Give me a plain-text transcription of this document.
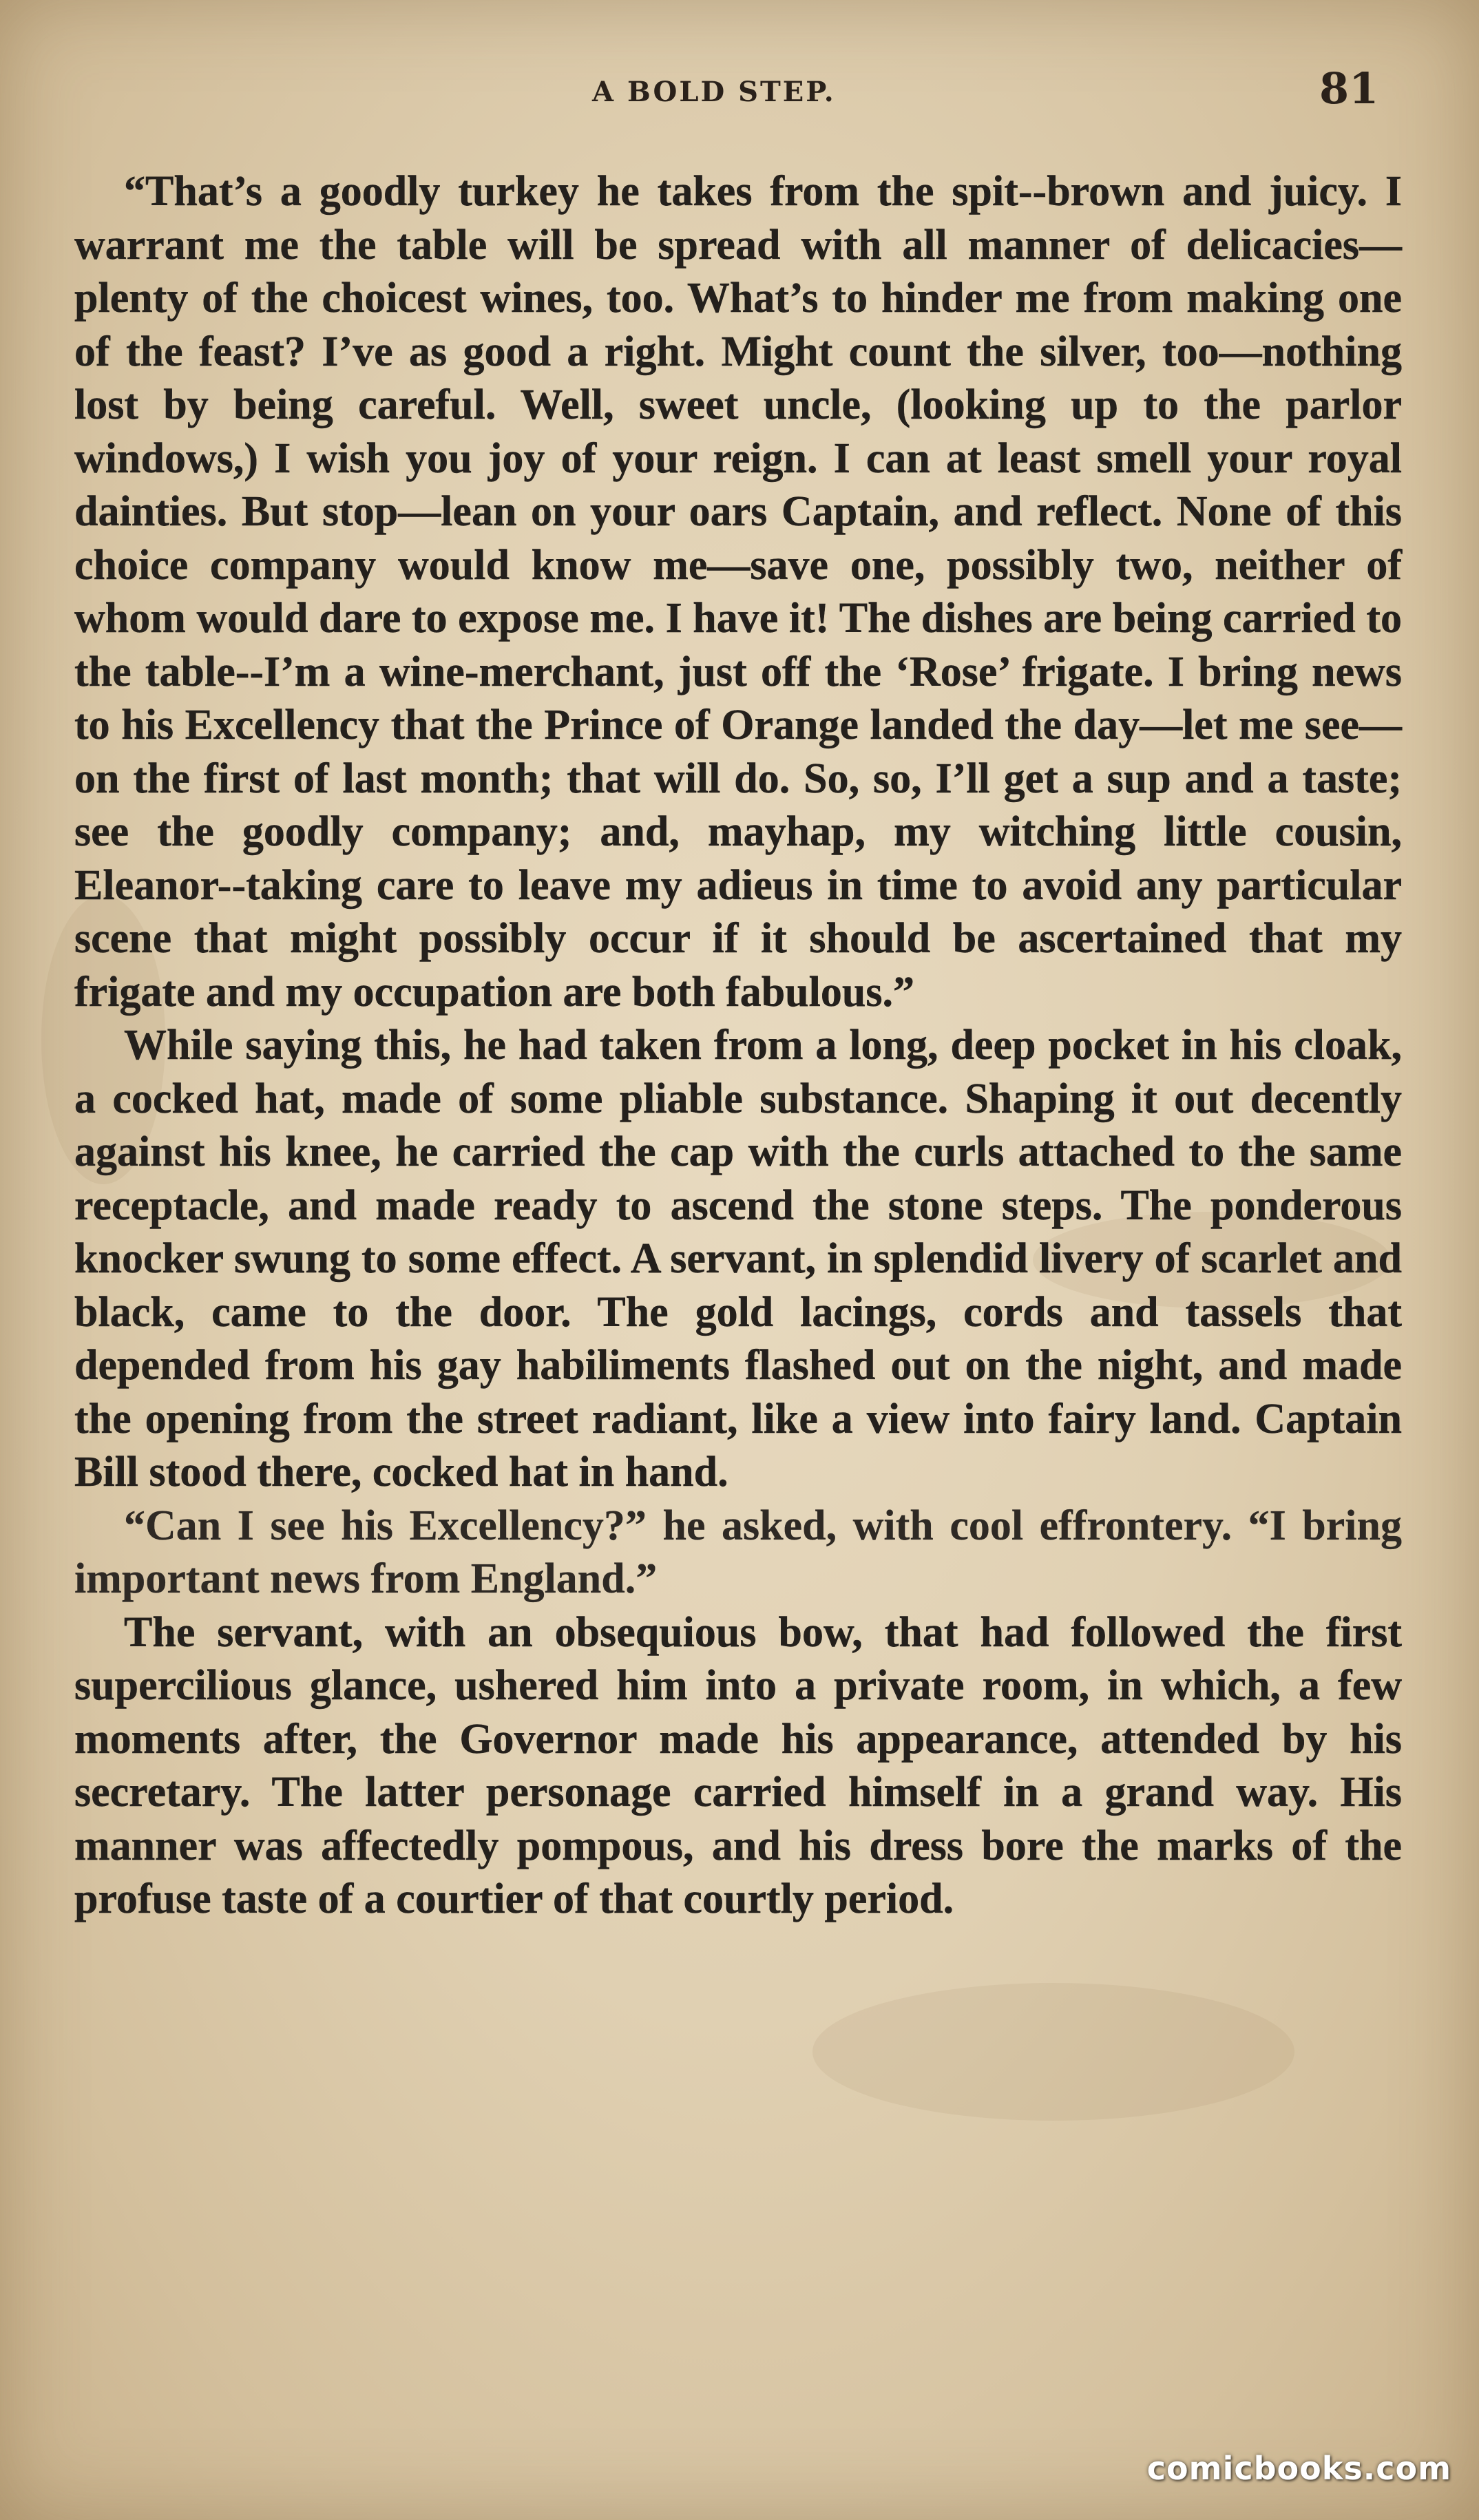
A BOLD STEP.	81

“That’s a goodly turkey he takes from the spit--brown and juicy. I warrant me the table will be spread with all manner of delicacies—plenty of the choicest wines, too. What’s to hinder me from making one of the feast? I’ve as good a right. Might count the silver, too—nothing lost by being careful. Well, sweet uncle, (looking up to the parlor windows,) I wish you joy of your reign. I can at least smell your royal dainties. But stop—lean on your oars Captain, and reflect. None of this choice company would know me—save one, possibly two, neither of whom would dare to expose me. I have it! The dishes are being carried to the table--I’m a wine-merchant, just off the ‘Rose’ frigate. I bring news to his Excellency that the Prince of Orange landed the day—let me see—on the first of last month; that will do. So, so, I’ll get a sup and a taste; see the goodly company; and, mayhap, my witching little cousin, Eleanor--taking care to leave my adieus in time to avoid any particular scene that might possibly occur if it should be ascertained that my frigate and my occupation are both fabulous.”

While saying this, he had taken from a long, deep pocket in his cloak, a cocked hat, made of some pliable substance. Shaping it out decently against his knee, he carried the cap with the curls attached to the same receptacle, and made ready to ascend the stone steps. The ponderous knocker swung to some effect. A servant, in splendid livery of scarlet and black, came to the door. The gold lacings, cords and tassels that depended from his gay habiliments flashed out on the night, and made the opening from the street radiant, like a view into fairy land. Captain Bill stood there, cocked hat in hand.

“Can I see his Excellency?” he asked, with cool effrontery. “I bring important news from England.”

The servant, with an obsequious bow, that had followed the first supercilious glance, ushered him into a private room, in which, a few moments after, the Governor made his appearance, attended by his secretary. The latter personage carried himself in a grand way. His manner was affectedly pompous, and his dress bore the marks of the profuse taste of a courtier of that courtly period.

comicbooks.com
